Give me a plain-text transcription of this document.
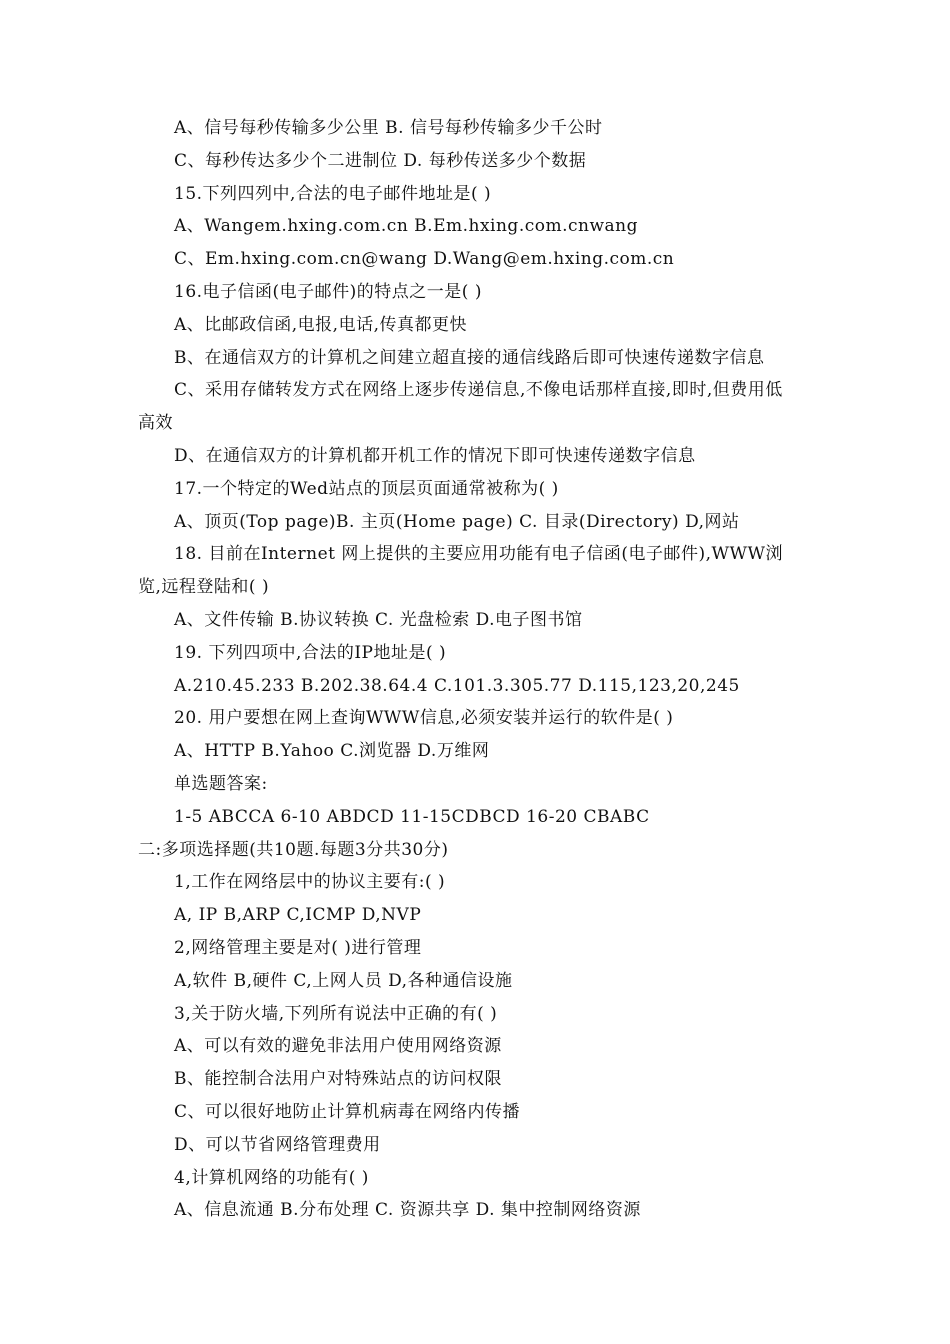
A、信号每秒传输多少公里 B. 信号每秒传输多少千公时
C、每秒传达多少个二进制位 D. 每秒传送多少个数据
15.下列四列中,合法的电子邮件地址是( )
A、Wangem.hxing.com.cn B.Em.hxing.com.cnwang
C、Em.hxing.com.cn@wang D.Wang@em.hxing.com.cn
16.电子信函(电子邮件)的特点之一是( )
A、比邮政信函,电报,电话,传真都更快
B、在通信双方的计算机之间建立超直接的通信线路后即可快速传递数字信息
C、采用存储转发方式在网络上逐步传递信息,不像电话那样直接,即时,但费用低
高效
D、在通信双方的计算机都开机工作的情况下即可快速传递数字信息
17.一个特定的Wed站点的顶层页面通常被称为( )
A、顶页(Top page)B. 主页(Home page) C. 目录(Directory) D,网站
18. 目前在Internet 网上提供的主要应用功能有电子信函(电子邮件),WWW浏
览,远程登陆和( )
A、文件传输 B.协议转换 C. 光盘检索 D.电子图书馆
19. 下列四项中,合法的IP地址是( )
A.210.45.233 B.202.38.64.4 C.101.3.305.77 D.115,123,20,245
20. 用户要想在网上查询WWW信息,必须安装并运行的软件是( )
A、HTTP B.Yahoo C.浏览器 D.万维网
单选题答案:
1-5 ABCCA 6-10 ABDCD 11-15CDBCD 16-20 CBABC
二:多项选择题(共10题.每题3分共30分)
1,工作在网络层中的协议主要有:( )
A, IP B,ARP C,ICMP D,NVP
2,网络管理主要是对( )进行管理
A,软件 B,硬件 C,上网人员 D,各种通信设施
3,关于防火墙,下列所有说法中正确的有( )
A、可以有效的避免非法用户使用网络资源
B、能控制合法用户对特殊站点的访问权限
C、可以很好地防止计算机病毒在网络内传播
D、可以节省网络管理费用
4,计算机网络的功能有( )
A、信息流通 B.分布处理 C. 资源共享 D. 集中控制网络资源
